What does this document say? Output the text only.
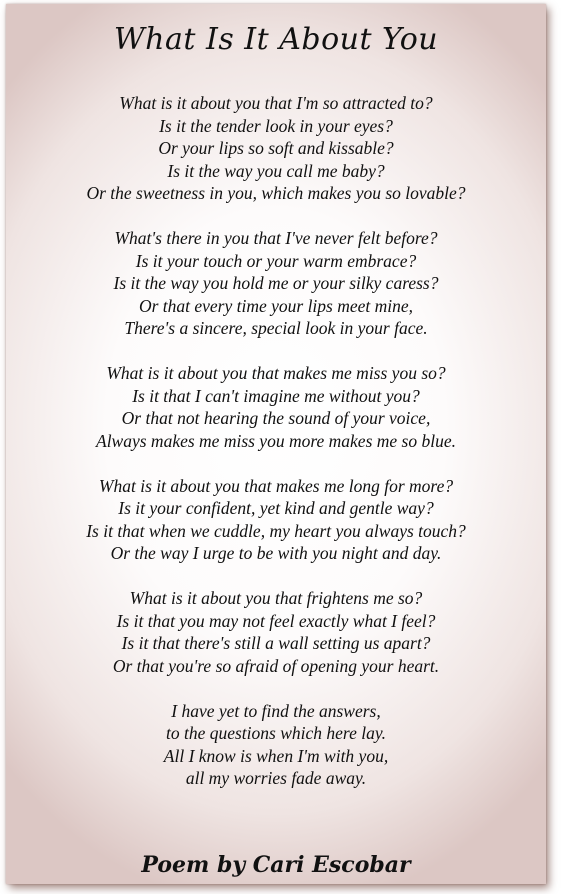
What Is It About You
What is it about you that I'm so attracted to?
Is it the tender look in your eyes?
Or your lips so soft and kissable?
Is it the way you call me baby?
Or the sweetness in you, which makes you so lovable?
What's there in you that I've never felt before?
Is it your touch or your warm embrace?
Is it the way you hold me or your silky caress?
Or that every time your lips meet mine,
There's a sincere, special look in your face.
What is it about you that makes me miss you so?
Is it that I can't imagine me without you?
Or that not hearing the sound of your voice,
Always makes me miss you more makes me so blue.
What is it about you that makes me long for more?
Is it your confident, yet kind and gentle way?
Is it that when we cuddle, my heart you always touch?
Or the way I urge to be with you night and day.
What is it about you that frightens me so?
Is it that you may not feel exactly what I feel?
Is it that there's still a wall setting us apart?
Or that you're so afraid of opening your heart.
I have yet to find the answers,
to the questions which here lay.
All I know is when I'm with you,
all my worries fade away.
Poem by Cari Escobar
